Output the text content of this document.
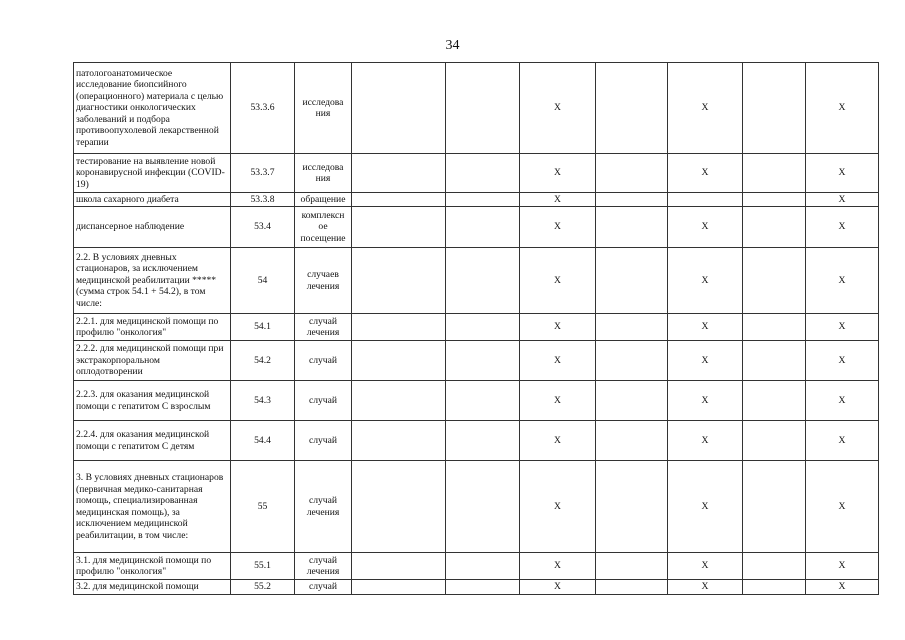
34
патологоанатомическое исследование биопсийного (операционного) материала с целью диагностики онкологических заболеваний и подбора противоопухолевой лекарственной терапии	53.3.6	исследова ния			X		X		X
тестирование на выявление новой коронавирусной инфекции (COVID-19)	53.3.7	исследова ния			X		X		X
школа сахарного диабета	53.3.8	обращение			X				X
диспансерное наблюдение	53.4	комплексн ое посещение			X		X		X
2.2. В условиях дневных стационаров, за исключением медицинской реабилитации ***** (сумма строк 54.1 + 54.2), в том числе:	54	случаев лечения			X		X		X
2.2.1. для медицинской помощи по профилю "онкология"	54.1	случай лечения			X		X		X
2.2.2. для медицинской помощи при экстракорпоральном оплодотворении	54.2	случай			X		X		X
2.2.3. для оказания медицинской помощи с гепатитом С взрослым	54.3	случай			X		X		X
2.2.4. для оказания медицинской помощи с гепатитом С детям	54.4	случай			X		X		X
3. В условиях дневных стационаров (первичная медико-санитарная помощь, специализированная медицинская помощь), за исключением медицинской реабилитации, в том числе:	55	случай лечения			X		X		X
3.1. для медицинской помощи по профилю "онкология"	55.1	случай лечения			X		X		X
3.2. для медицинской помощи	55.2	случай			X		X		X
